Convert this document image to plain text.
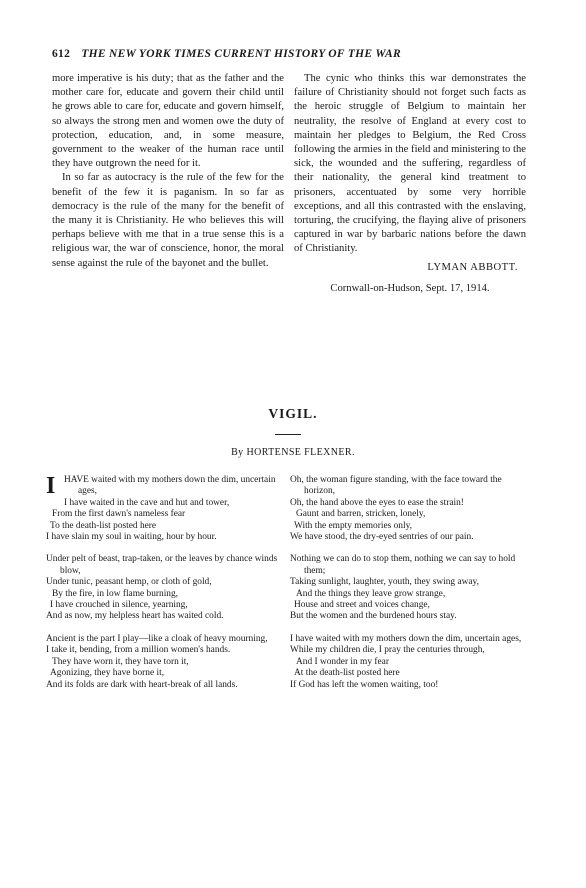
612 THE NEW YORK TIMES CURRENT HISTORY OF THE WAR

more imperative is his duty; that as the father and the mother care for, educate and govern their child until he grows able to care for, educate and govern himself, so always the strong men and women owe the duty of protection, education, and, in some measure, government to the weaker of the human race until they have outgrown the need for it.

In so far as autocracy is the rule of the few for the benefit of the few it is paganism. In so far as democracy is the rule of the many for the benefit of the many it is Christianity. He who believes this will perhaps believe with me that in a true sense this is a religious war, the war of conscience, honor, the moral sense against the rule of the bayonet and the bullet.

The cynic who thinks this war demonstrates the failure of Christianity should not forget such facts as the heroic struggle of Belgium to maintain her neutrality, the resolve of England at every cost to maintain her pledges to Belgium, the Red Cross following the armies in the field and ministering to the sick, the wounded and the suffering, regardless of their nationality, the general kind treatment to prisoners, accentuated by some very horrible exceptions, and all this contrasted with the enslaving, torturing, the crucifying, the flaying alive of prisoners captured in war by barbaric nations before the dawn of Christianity.

LYMAN ABBOTT.
Cornwall-on-Hudson, Sept. 17, 1914.
VIGIL.
By HORTENSE FLEXNER.
I HAVE waited with my mothers down the dim, uncertain ages,
I have waited in the cave and hut and tower,
From the first dawn's nameless fear
To the death-list posted here
I have slain my soul in waiting, hour by hour.
Under pelt of beast, trap-taken, or the leaves by chance winds blow,
Under tunic, peasant hemp, or cloth of gold,
By the fire, in low flame burning,
I have crouched in silence, yearning,
And as now, my helpless heart has waited cold.
Ancient is the part I play—like a cloak of heavy mourning,
I take it, bending, from a million women's hands.
They have worn it, they have torn it,
Agonizing, they have borne it,
And its folds are dark with heart-break of all lands.
Oh, the woman figure standing, with the face toward the horizon,
Oh, the hand above the eyes to ease the strain!
Gaunt and barren, stricken, lonely,
With the empty memories only,
We have stood, the dry-eyed sentries of our pain.
Nothing we can do to stop them, nothing we can say to hold them;
Taking sunlight, laughter, youth, they swing away,
And the things they leave grow strange,
House and street and voices change,
But the women and the burdened hours stay.
I have waited with my mothers down the dim, uncertain ages,
While my children die, I pray the centuries through,
And I wonder in my fear
At the death-list posted here
If God has left the women waiting, too!
